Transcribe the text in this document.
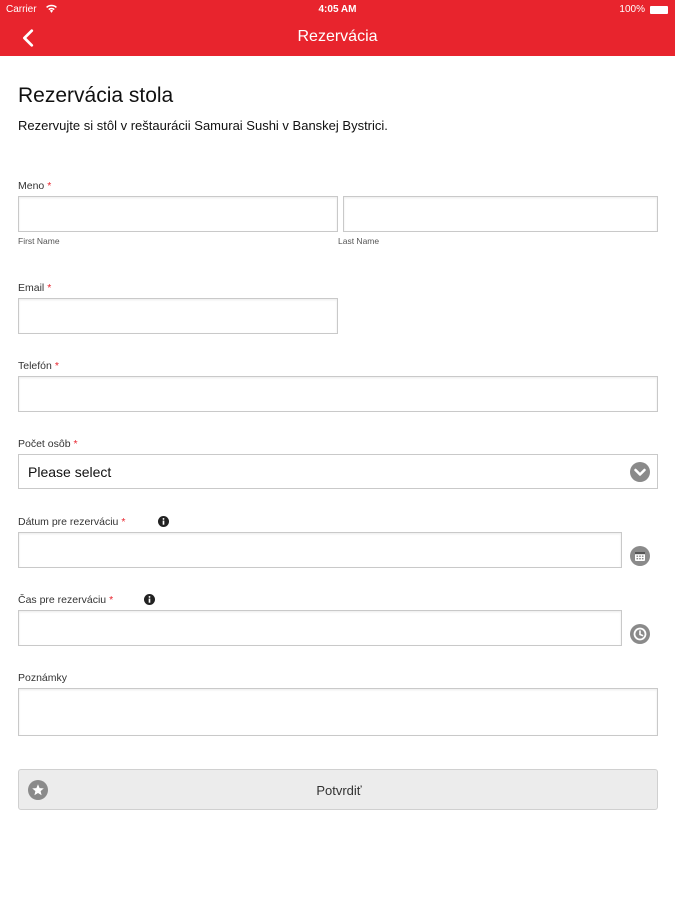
Carrier	4:05 AM	100%
Rezervácia
Rezervácia stola
Rezervujte si stôl v reštaurácii Samurai Sushi v Banskej Bystrici.
Meno *
First Name	Last Name
Email *
Telefón *
Počet osôb *
Please select
Dátum pre rezerváciu *
Čas pre rezerváciu *
Poznámky
Potvrdiť
